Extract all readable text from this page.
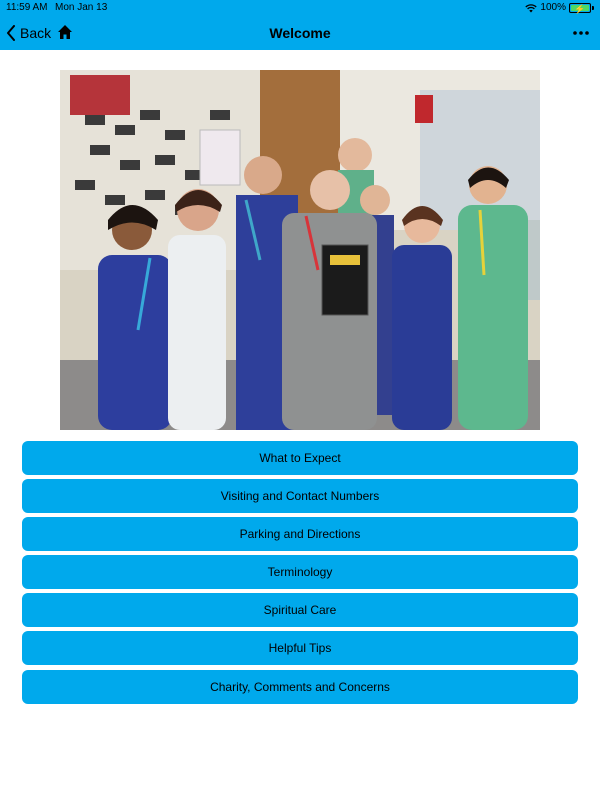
11:59 AM Mon Jan 13	100% ⚡
Back	Welcome
What to Expect
Visiting and Contact Numbers
Parking and Directions
Terminology
Spiritual Care
Helpful Tips
Charity, Comments and Concerns
